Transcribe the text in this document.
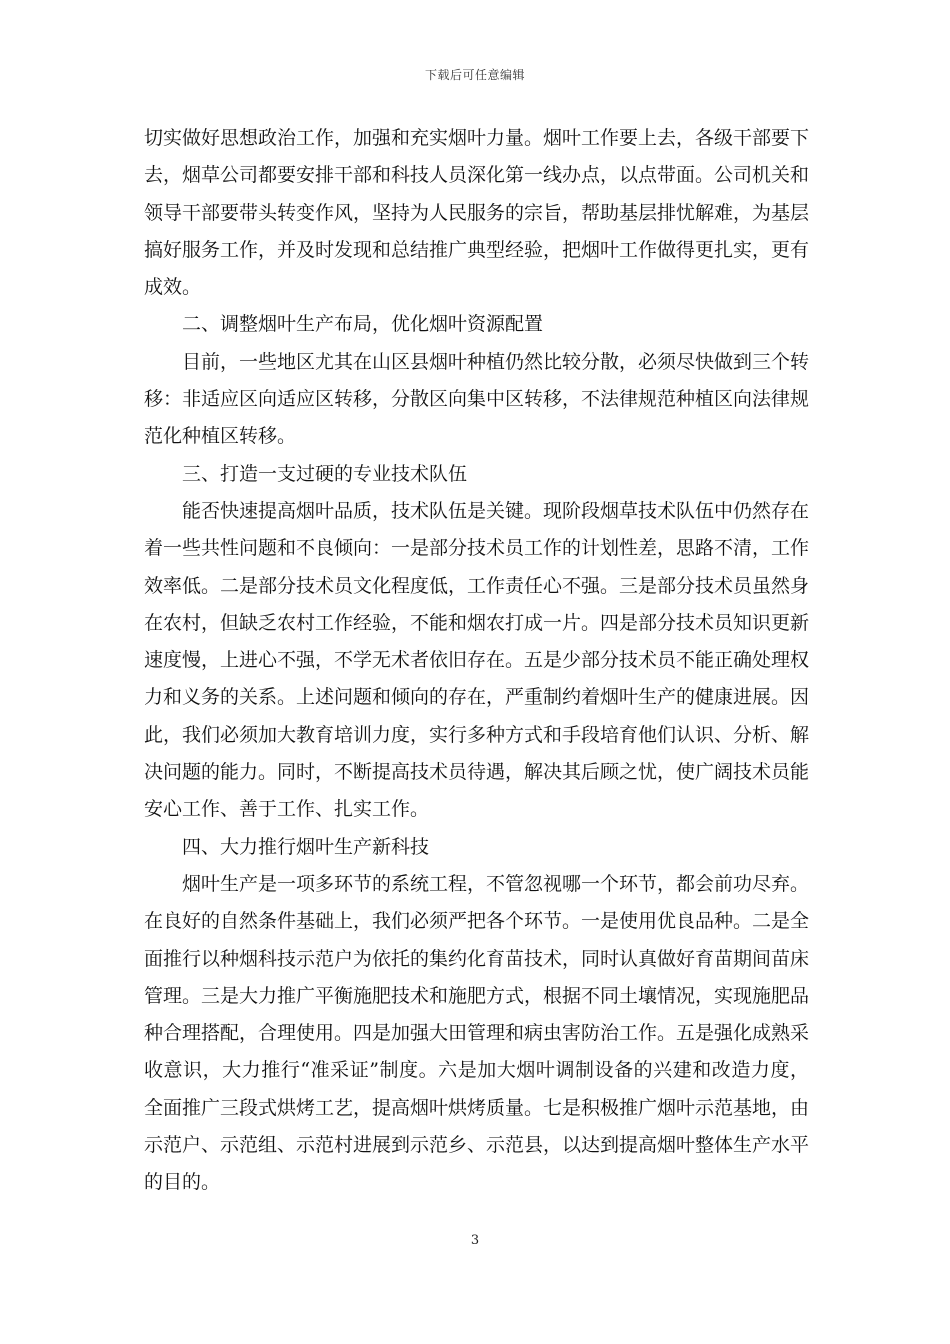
下载后可任意编辑

切实做好思想政治工作，加强和充实烟叶力量。烟叶工作要上去，各级干部要下去，烟草公司都要安排干部和科技人员深化第一线办点，以点带面。公司机关和领导干部要带头转变作风，坚持为人民服务的宗旨，帮助基层排忧解难，为基层搞好服务工作，并及时发现和总结推广典型经验，把烟叶工作做得更扎实，更有成效。

二、调整烟叶生产布局，优化烟叶资源配置

目前，一些地区尤其在山区县烟叶种植仍然比较分散，必须尽快做到三个转移：非适应区向适应区转移，分散区向集中区转移，不法律规范种植区向法律规范化种植区转移。

三、打造一支过硬的专业技术队伍

能否快速提高烟叶品质，技术队伍是关键。现阶段烟草技术队伍中仍然存在着一些共性问题和不良倾向：一是部分技术员工作的计划性差，思路不清，工作效率低。二是部分技术员文化程度低，工作责任心不强。三是部分技术员虽然身在农村，但缺乏农村工作经验，不能和烟农打成一片。四是部分技术员知识更新速度慢，上进心不强，不学无术者依旧存在。五是少部分技术员不能正确处理权力和义务的关系。上述问题和倾向的存在，严重制约着烟叶生产的健康进展。因此，我们必须加大教育培训力度，实行多种方式和手段培育他们认识、分析、解决问题的能力。同时，不断提高技术员待遇，解决其后顾之忧，使广阔技术员能安心工作、善于工作、扎实工作。

四、大力推行烟叶生产新科技

烟叶生产是一项多环节的系统工程，不管忽视哪一个环节，都会前功尽弃。在良好的自然条件基础上，我们必须严把各个环节。一是使用优良品种。二是全面推行以种烟科技示范户为依托的集约化育苗技术，同时认真做好育苗期间苗床管理。三是大力推广平衡施肥技术和施肥方式，根据不同土壤情况，实现施肥品种合理搭配，合理使用。四是加强大田管理和病虫害防治工作。五是强化成熟采收意识，大力推行“准采证”制度。六是加大烟叶调制设备的兴建和改造力度，全面推广三段式烘烤工艺，提高烟叶烘烤质量。七是积极推广烟叶示范基地，由示范户、示范组、示范村进展到示范乡、示范县，以达到提高烟叶整体生产水平的目的。

3
